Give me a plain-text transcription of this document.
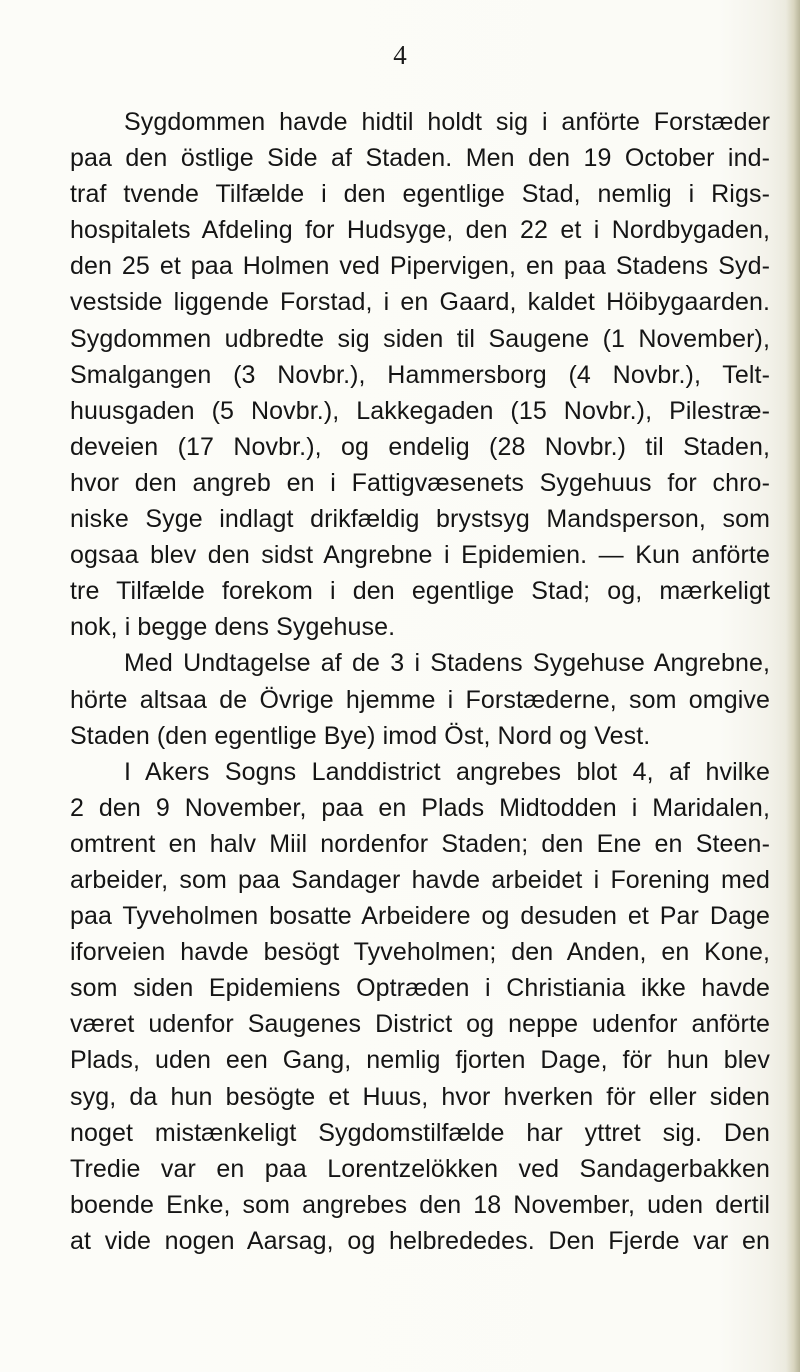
4
Sygdommen havde hidtil holdt sig i anförte Forstæder
paa den östlige Side af Staden. Men den 19 October ind-
traf tvende Tilfælde i den egentlige Stad, nemlig i Rigs-
hospitalets Afdeling for Hudsyge, den 22 et i Nordbygaden,
den 25 et paa Holmen ved Pipervigen, en paa Stadens Syd-
vestside liggende Forstad, i en Gaard, kaldet Höibygaarden.
Sygdommen udbredte sig siden til Saugene (1 November),
Smalgangen (3 Novbr.), Hammersborg (4 Novbr.), Telt-
huusgaden (5 Novbr.), Lakkegaden (15 Novbr.), Pilestræ-
deveien (17 Novbr.), og endelig (28 Novbr.) til Staden,
hvor den angreb en i Fattigvæsenets Sygehuus for chro-
niske Syge indlagt drikfældig brystsyg Mandsperson, som
ogsaa blev den sidst Angrebne i Epidemien. — Kun anförte
tre Tilfælde forekom i den egentlige Stad; og, mærkeligt
nok, i begge dens Sygehuse.
Med Undtagelse af de 3 i Stadens Sygehuse Angrebne,
hörte altsaa de Övrige hjemme i Forstæderne, som omgive
Staden (den egentlige Bye) imod Öst, Nord og Vest.
I Akers Sogns Landdistrict angrebes blot 4, af hvilke
2 den 9 November, paa en Plads Midtodden i Maridalen,
omtrent en halv Miil nordenfor Staden; den Ene en Steen-
arbeider, som paa Sandager havde arbeidet i Forening med
paa Tyveholmen bosatte Arbeidere og desuden et Par Dage
iforveien havde besögt Tyveholmen; den Anden, en Kone,
som siden Epidemiens Optræden i Christiania ikke havde
været udenfor Saugenes District og neppe udenfor anförte
Plads, uden een Gang, nemlig fjorten Dage, för hun blev
syg, da hun besögte et Huus, hvor hverken för eller siden
noget mistænkeligt Sygdomstilfælde har yttret sig. Den
Tredie var en paa Lorentzelökken ved Sandagerbakken
boende Enke, som angrebes den 18 November, uden dertil
at vide nogen Aarsag, og helbrededes. Den Fjerde var en
